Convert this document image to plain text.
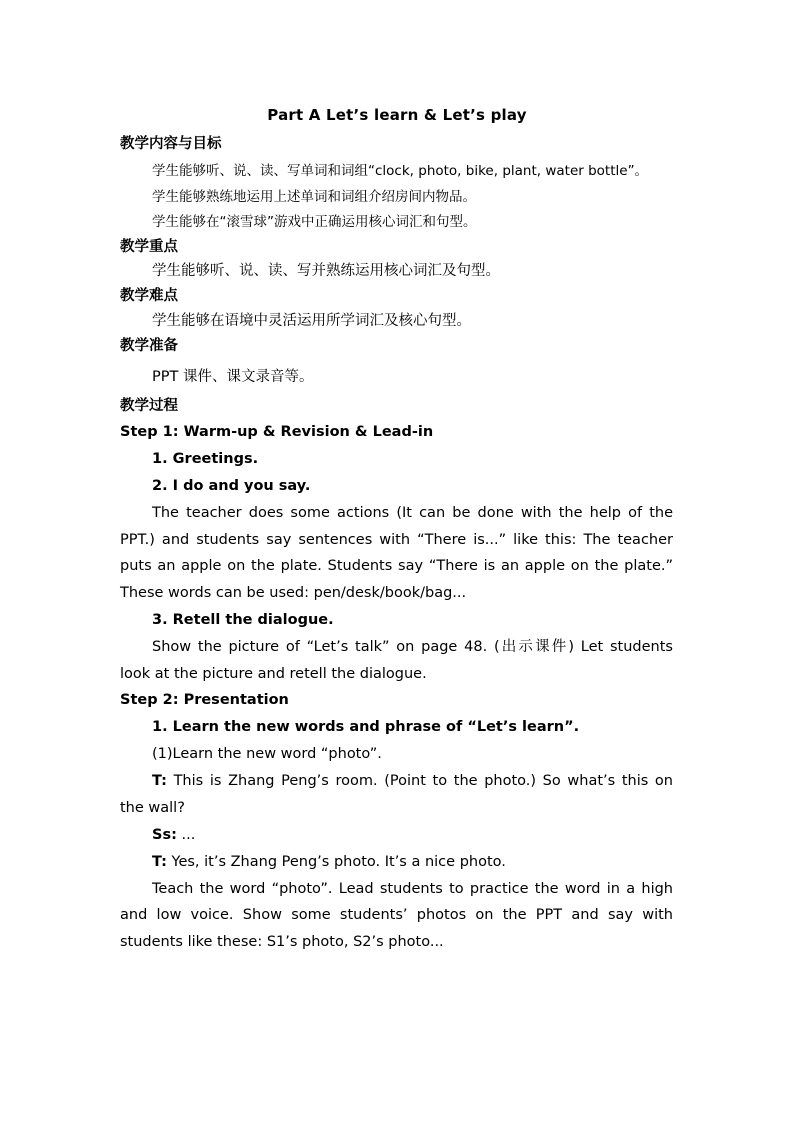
Part A Let’s learn & Let’s play

教学内容与目标

学生能够听、说、读、写单词和词组“clock, photo, bike, plant, water bottle”。

学生能够熟练地运用上述单词和词组介绍房间内物品。

学生能够在“滚雪球”游戏中正确运用核心词汇和句型。

教学重点

学生能够听、说、读、写并熟练运用核心词汇及句型。

教学难点

学生能够在语境中灵活运用所学词汇及核心句型。

教学准备

PPT 课件、课文录音等。

教学过程

Step 1: Warm-up & Revision & Lead-in

1. Greetings.

2. I do and you say.

The teacher does some actions (It can be done with the help of the PPT.) and students say sentences with “There is...” like this: The teacher puts an apple on the plate. Students say “There is an apple on the plate.” These words can be used: pen/desk/book/bag...

3. Retell the dialogue.

Show the picture of “Let’s talk” on page 48. (出示课件) Let students look at the picture and retell the dialogue.

Step 2: Presentation

1. Learn the new words and phrase of “Let’s learn”.

(1)Learn the new word “photo”.

T: This is Zhang Peng’s room. (Point to the photo.) So what’s this on the wall?

Ss: ...

T: Yes, it’s Zhang Peng’s photo. It’s a nice photo.

Teach the word “photo”. Lead students to practice the word in a high and low voice. Show some students’ photos on the PPT and say with students like these: S1’s photo, S2’s photo...
